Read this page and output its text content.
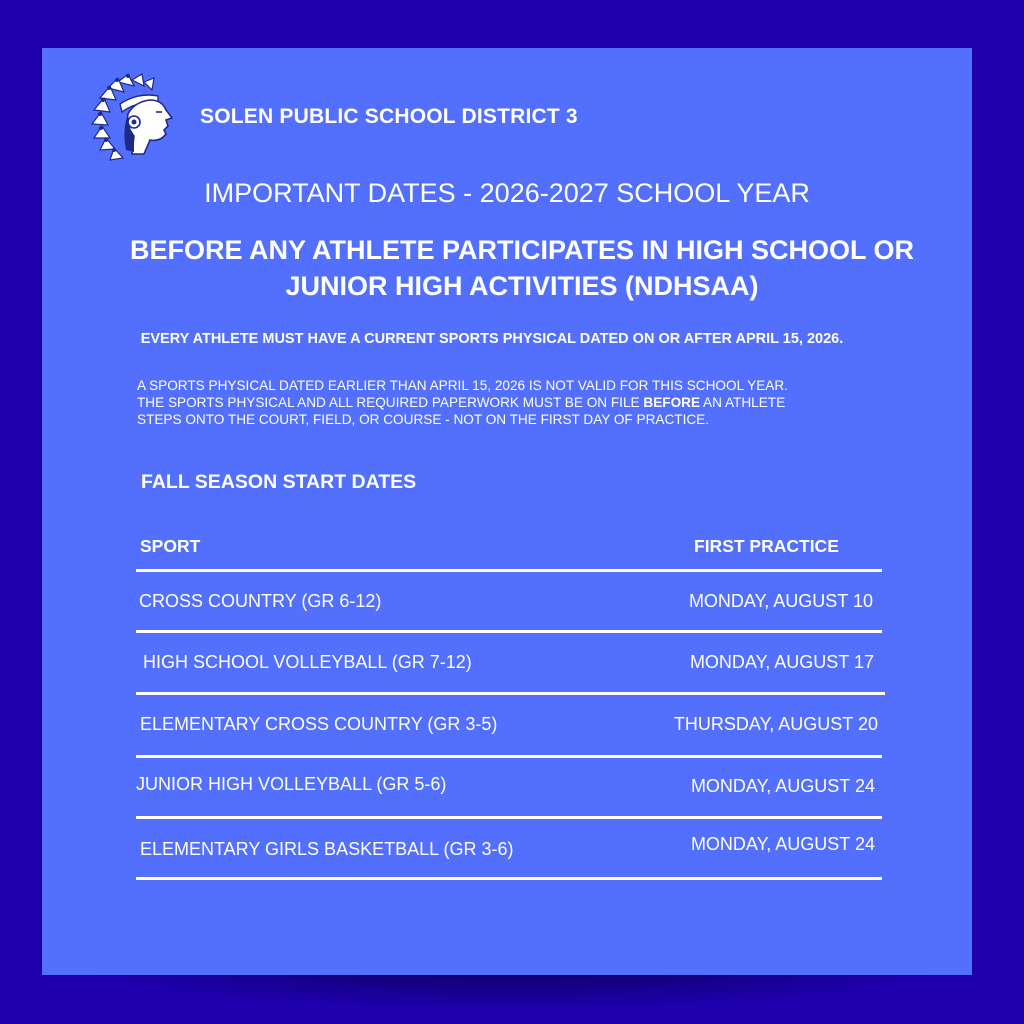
SOLEN PUBLIC SCHOOL DISTRICT 3
IMPORTANT DATES - 2026-2027 SCHOOL YEAR
BEFORE ANY ATHLETE PARTICIPATES IN HIGH SCHOOL OR
JUNIOR HIGH ACTIVITIES (NDHSAA)
EVERY ATHLETE MUST HAVE A CURRENT SPORTS PHYSICAL DATED ON OR AFTER APRIL 15, 2026.
A SPORTS PHYSICAL DATED EARLIER THAN APRIL 15, 2026 IS NOT VALID FOR THIS SCHOOL YEAR.
THE SPORTS PHYSICAL AND ALL REQUIRED PAPERWORK MUST BE ON FILE BEFORE AN ATHLETE
STEPS ONTO THE COURT, FIELD, OR COURSE - NOT ON THE FIRST DAY OF PRACTICE.
FALL SEASON START DATES
SPORT	FIRST PRACTICE
CROSS COUNTRY (GR 6-12)	MONDAY, AUGUST 10
HIGH SCHOOL VOLLEYBALL (GR 7-12)	MONDAY, AUGUST 17
ELEMENTARY CROSS COUNTRY (GR 3-5)	THURSDAY, AUGUST 20
JUNIOR HIGH VOLLEYBALL (GR 5-6)	MONDAY, AUGUST 24
ELEMENTARY GIRLS BASKETBALL (GR 3-6)	MONDAY, AUGUST 24
